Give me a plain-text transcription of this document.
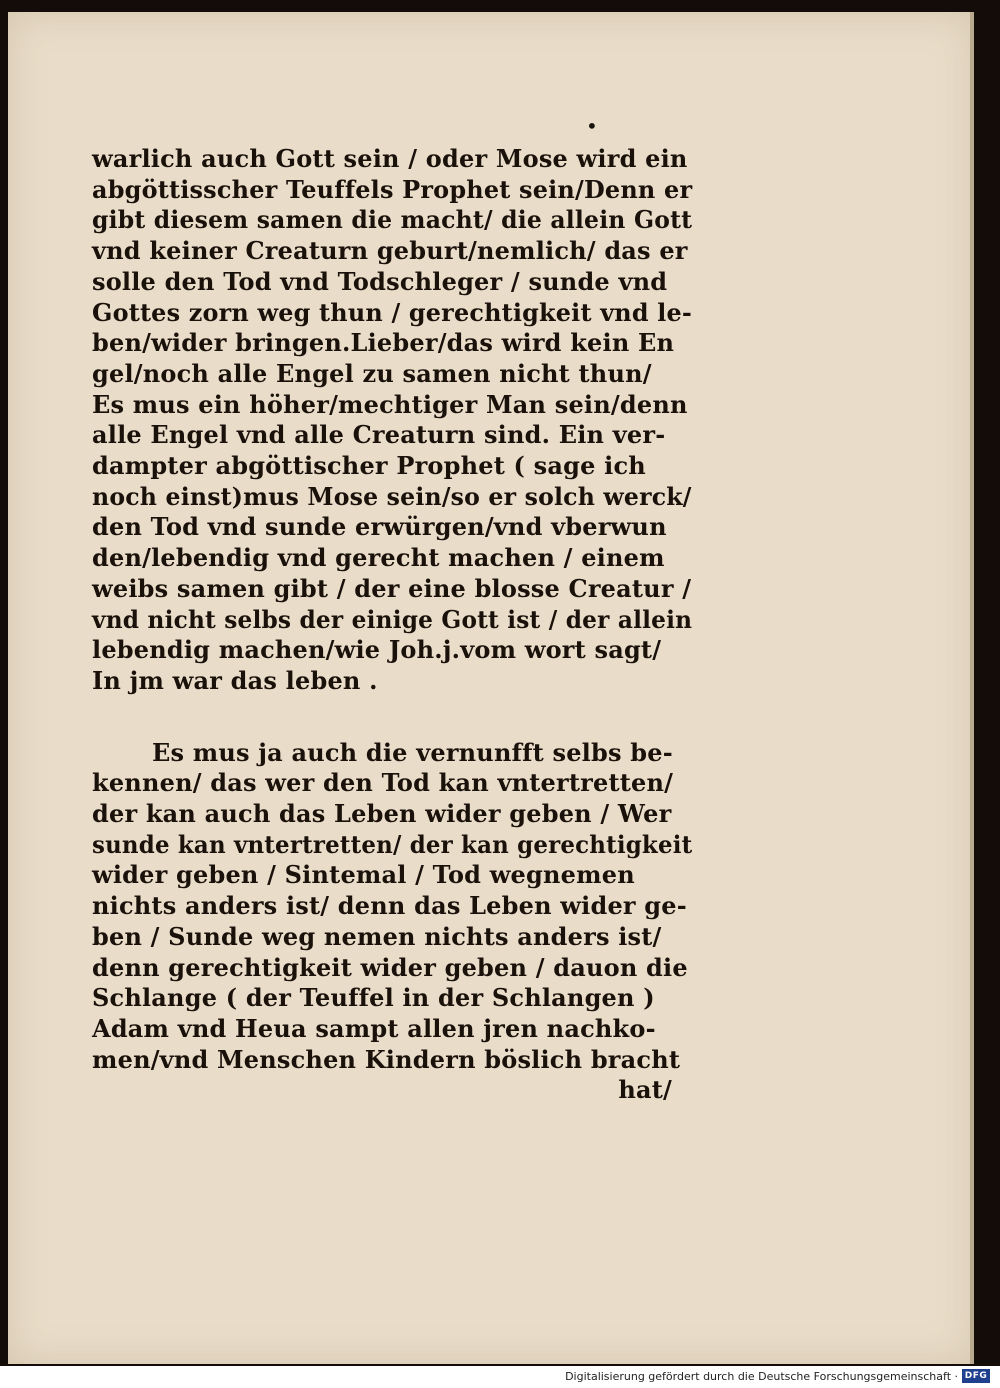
•
warlich auch Gott sein / oder Mose wird ein
abgöttisscher Teuffels Prophet sein/Denn er
gibt diesem samen die macht/ die allein Gott
vnd keiner Creaturn geburt/nemlich/ das er
solle den Tod vnd Todschleger / sunde vnd
Gottes zorn weg thun / gerechtigkeit vnd le-
ben/wider bringen.Lieber/das wird kein En
gel/noch alle Engel zu samen nicht thun/
Es mus ein höher/mechtiger Man sein/denn
alle Engel vnd alle Creaturn sind. Ein ver-
dampter abgöttischer Prophet ( sage ich
noch einst)mus Mose sein/so er solch werck/
den Tod vnd sunde erwürgen/vnd vberwun
den/lebendig vnd gerecht machen / einem
weibs samen gibt / der eine blosse Creatur /
vnd nicht selbs der einige Gott ist / der allein
lebendig machen/wie Joh.j.vom wort sagt/
In jm war das leben .
Es mus ja auch die vernunfft selbs be-
kennen/ das wer den Tod kan vntertretten/
der kan auch das Leben wider geben / Wer
sunde kan vntertretten/ der kan gerechtigkeit
wider geben / Sintemal / Tod wegnemen
nichts anders ist/ denn das Leben wider ge-
ben / Sunde weg nemen nichts anders ist/
denn gerechtigkeit wider geben / dauon die
Schlange ( der Teuffel in der Schlangen )
Adam vnd Heua sampt allen jren nachko-
men/vnd Menschen Kindern böslich bracht
hat/
Digitalisierung gefördert durch die Deutsche Forschungsgemeinschaft · DFG
